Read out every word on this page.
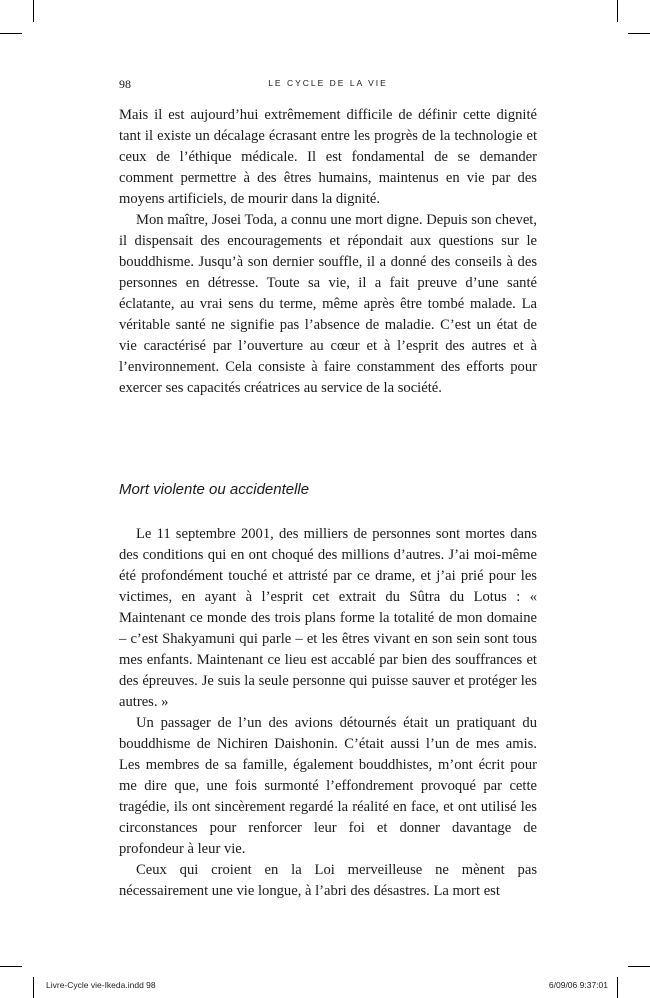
98	LE CYCLE DE LA VIE

Mais il est aujourd’hui extrêmement difficile de définir cette dignité tant il existe un décalage écrasant entre les progrès de la technologie et ceux de l’éthique médicale. Il est fondamental de se demander comment permettre à des êtres humains, maintenus en vie par des moyens artificiels, de mourir dans la dignité.

Mon maître, Josei Toda, a connu une mort digne. Depuis son chevet, il dispensait des encouragements et répondait aux questions sur le bouddhisme. Jusqu’à son dernier souffle, il a donné des conseils à des personnes en détresse. Toute sa vie, il a fait preuve d’une santé éclatante, au vrai sens du terme, même après être tombé malade. La véritable santé ne signifie pas l’absence de maladie. C’est un état de vie caractérisé par l’ouverture au cœur et à l’esprit des autres et à l’environnement. Cela consiste à faire constamment des efforts pour exercer ses capacités créatrices au service de la société.

Mort violente ou accidentelle

Le 11 septembre 2001, des milliers de personnes sont mortes dans des conditions qui en ont choqué des millions d’autres. J’ai moi-même été profondément touché et attristé par ce drame, et j’ai prié pour les victimes, en ayant à l’esprit cet extrait du Sûtra du Lotus : « Maintenant ce monde des trois plans forme la totalité de mon domaine – c’est Shakyamuni qui parle – et les êtres vivant en son sein sont tous mes enfants. Maintenant ce lieu est accablé par bien des souffrances et des épreuves. Je suis la seule personne qui puisse sauver et protéger les autres. »

Un passager de l’un des avions détournés était un pratiquant du bouddhisme de Nichiren Daishonin. C’était aussi l’un de mes amis. Les membres de sa famille, également bouddhistes, m’ont écrit pour me dire que, une fois surmonté l’effondrement provoqué par cette tragédie, ils ont sincèrement regardé la réalité en face, et ont utilisé les circonstances pour renforcer leur foi et donner davantage de profondeur à leur vie.

Ceux qui croient en la Loi merveilleuse ne mènent pas nécessairement une vie longue, à l’abri des désastres. La mort est

Livre-Cycle vie-Ikeda.indd 98	6/09/06 9:37:01
